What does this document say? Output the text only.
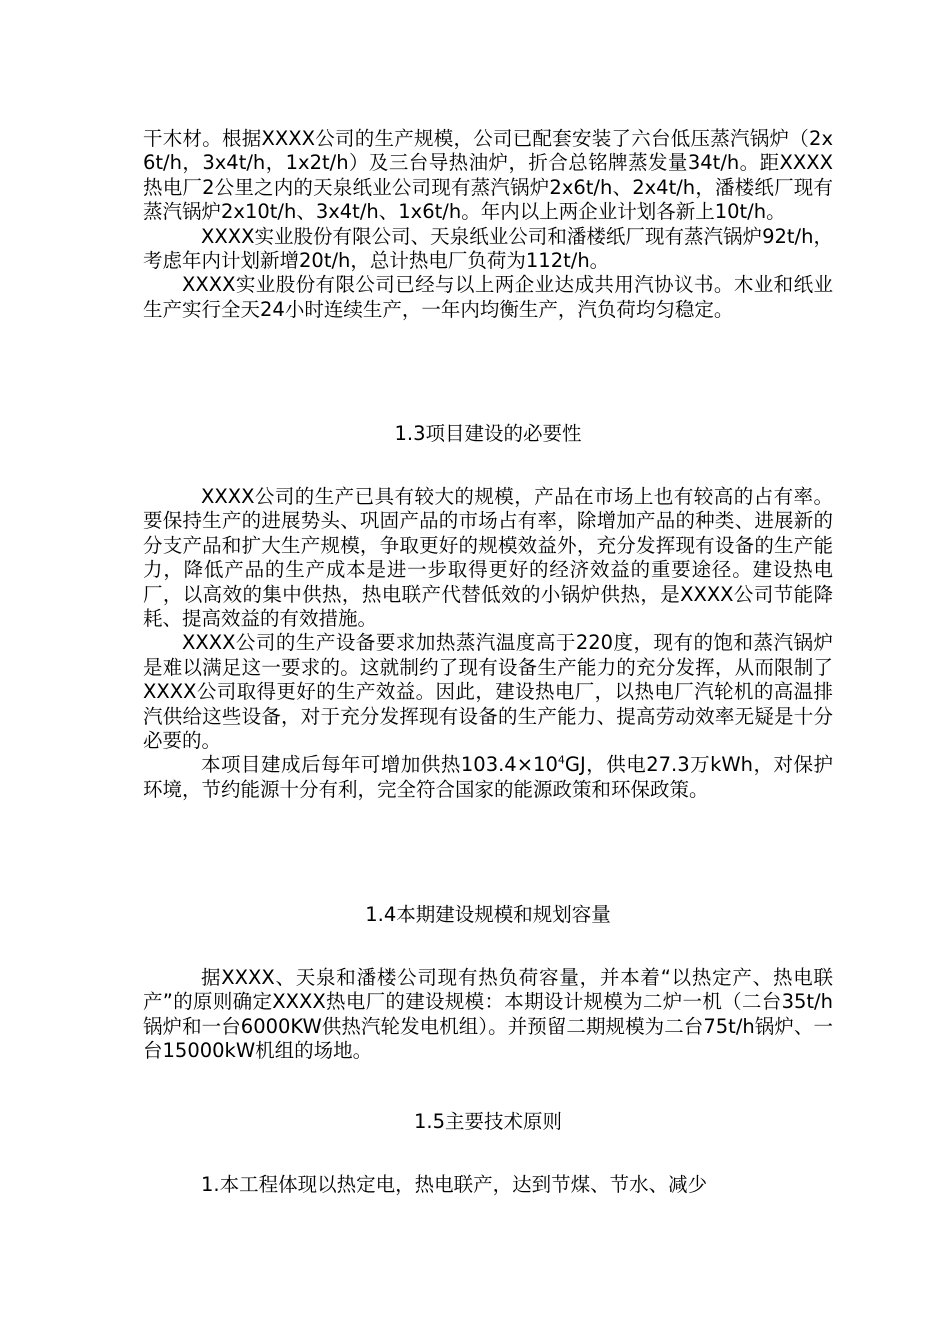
干木材。根据XXXX公司的生产规模，公司已配套安装了六台低压蒸汽锅炉（2x6t/h，3x4t/h，1x2t/h）及三台导热油炉，折合总铭牌蒸发量34t/h。距XXXX热电厂2公里之内的天泉纸业公司现有蒸汽锅炉2x6t/h、2x4t/h，潘楼纸厂现有蒸汽锅炉2x10t/h、3x4t/h、1x6t/h。年内以上两企业计划各新上10t/h。

XXXX实业股份有限公司、天泉纸业公司和潘楼纸厂现有蒸汽锅炉92t/h，考虑年内计划新增20t/h，总计热电厂负荷为112t/h。

XXXX实业股份有限公司已经与以上两企业达成共用汽协议书。木业和纸业生产实行全天24小时连续生产，一年内均衡生产，汽负荷均匀稳定。

1.3项目建设的必要性

XXXX公司的生产已具有较大的规模，产品在市场上也有较高的占有率。要保持生产的进展势头、巩固产品的市场占有率，除增加产品的种类、进展新的分支产品和扩大生产规模，争取更好的规模效益外，充分发挥现有设备的生产能力，降低产品的生产成本是进一步取得更好的经济效益的重要途径。建设热电厂，以高效的集中供热，热电联产代替低效的小锅炉供热，是XXXX公司节能降耗、提高效益的有效措施。

XXXX公司的生产设备要求加热蒸汽温度高于220度，现有的饱和蒸汽锅炉是难以满足这一要求的。这就制约了现有设备生产能力的充分发挥，从而限制了XXXX公司取得更好的生产效益。因此，建设热电厂，以热电厂汽轮机的高温排汽供给这些设备，对于充分发挥现有设备的生产能力、提高劳动效率无疑是十分必要的。

本项目建成后每年可增加供热$103.4\times 10^4GJ$，供电27.3万kWh，对保护环境，节约能源十分有利，完全符合国家的能源政策和环保政策。

1.4本期建设规模和规划容量

据XXXX、天泉和潘楼公司现有热负荷容量，并本着“以热定产、热电联产”的原则确定XXXX热电厂的建设规模：本期设计规模为二炉一机（二台35t/h锅炉和一台6000KW供热汽轮发电机组）。并预留二期规模为二台75t/h锅炉、一台15000kW机组的场地。

1.5主要技术原则

1.本工程体现以热定电，热电联产，达到节煤、节水、减少
